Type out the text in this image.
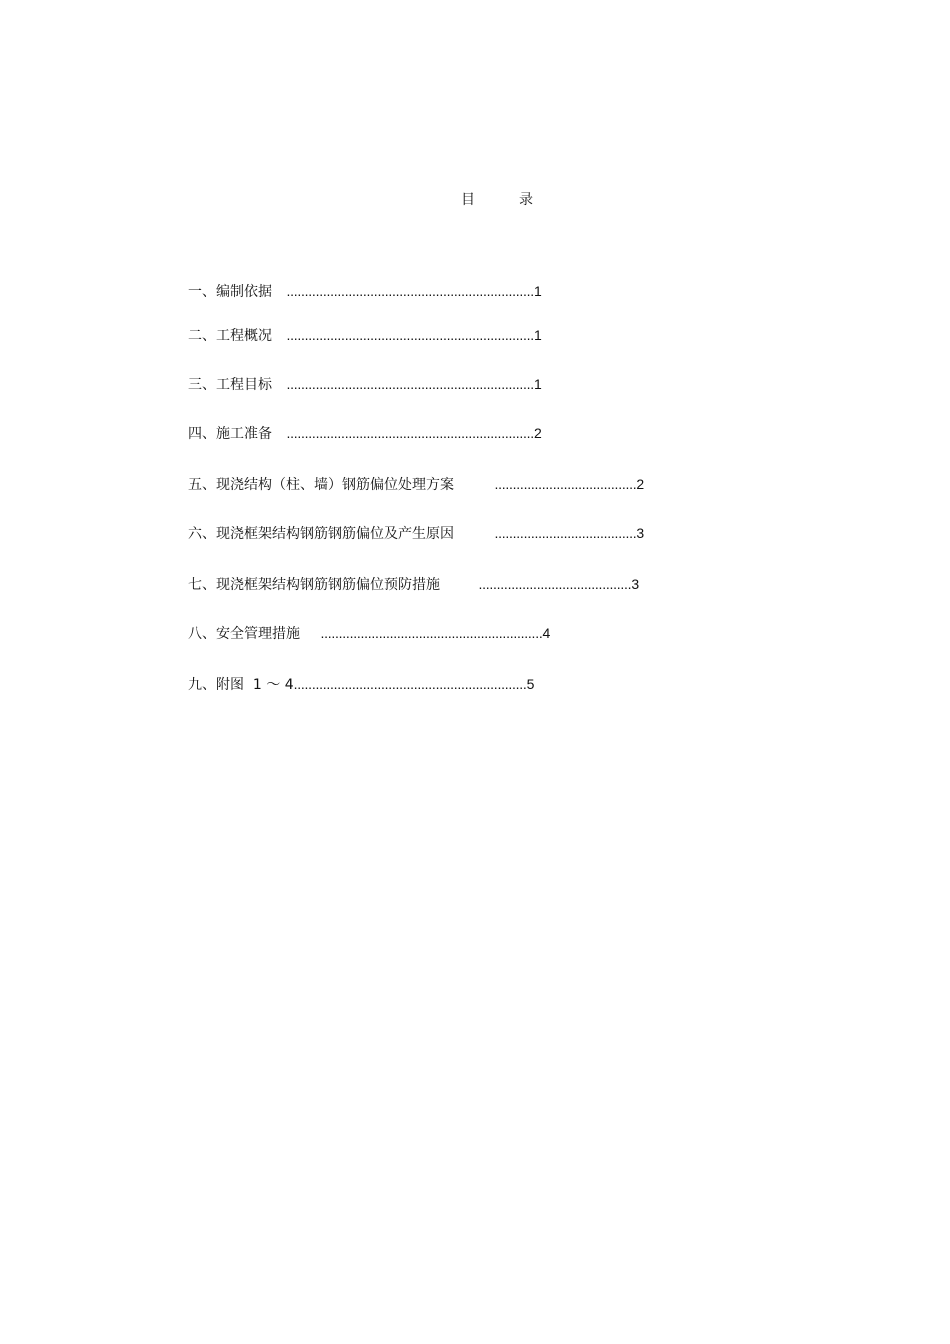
目	录
一、编制依据 ....................................................................1
二、工程概况 ....................................................................1
三、工程目标 ....................................................................1
四、施工准备 ....................................................................2
五、现浇结构（柱、墙）钢筋偏位处理方案	.......................................2
六、现浇框架结构钢筋钢筋偏位及产生原因	.......................................3
七、现浇框架结构钢筋钢筋偏位预防措施	..........................................3
八、安全管理措施 .............................................................4
九、附图  1 ～ 4................................................................5
